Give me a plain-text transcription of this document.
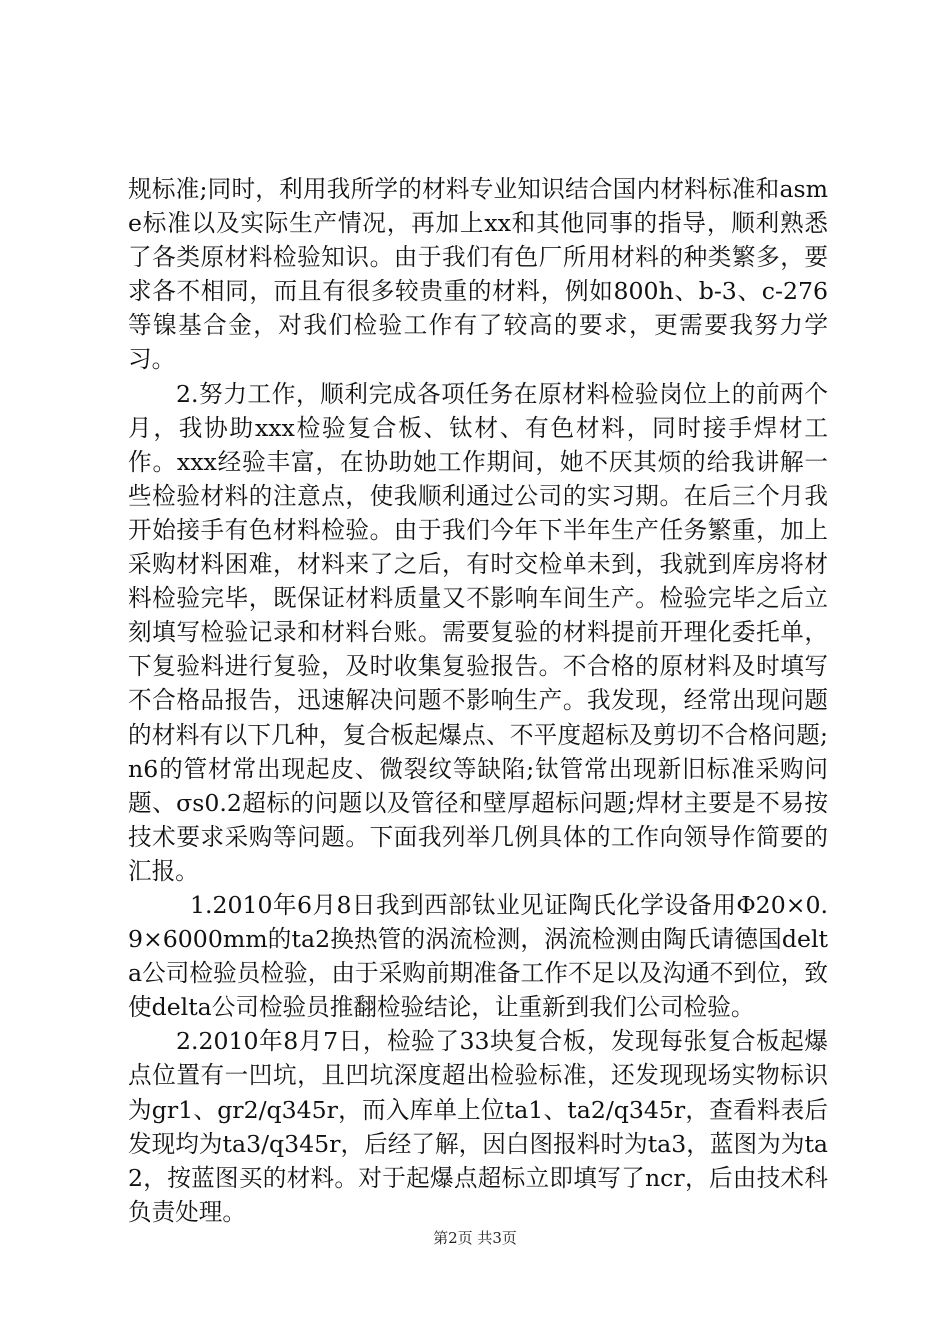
规标准;同时，利用我所学的材料专业知识结合国内材料标准和asme标准以及实际生产情况，再加上xx和其他同事的指导，顺利熟悉了各类原材料检验知识。由于我们有色厂所用材料的种类繁多，要求各不相同，而且有很多较贵重的材料，例如800h、b-3、c-276等镍基合金，对我们检验工作有了较高的要求，更需要我努力学习。

2.努力工作，顺利完成各项任务在原材料检验岗位上的前两个月，我协助xxx检验复合板、钛材、有色材料，同时接手焊材工作。xxx经验丰富，在协助她工作期间，她不厌其烦的给我讲解一些检验材料的注意点，使我顺利通过公司的实习期。在后三个月我开始接手有色材料检验。由于我们今年下半年生产任务繁重，加上采购材料困难，材料来了之后，有时交检单未到，我就到库房将材料检验完毕，既保证材料质量又不影响车间生产。检验完毕之后立刻填写检验记录和材料台账。需要复验的材料提前开理化委托单，下复验料进行复验，及时收集复验报告。不合格的原材料及时填写不合格品报告，迅速解决问题不影响生产。我发现，经常出现问题的材料有以下几种，复合板起爆点、不平度超标及剪切不合格问题;n6的管材常出现起皮、微裂纹等缺陷;钛管常出现新旧标准采购问题、σs0.2超标的问题以及管径和壁厚超标问题;焊材主要是不易按技术要求采购等问题。下面我列举几例具体的工作向领导作简要的汇报。

1.2010年6月8日我到西部钛业见证陶氏化学设备用Φ20×0.9×6000mm的ta2换热管的涡流检测，涡流检测由陶氏请德国delta公司检验员检验，由于采购前期准备工作不足以及沟通不到位，致使delta公司检验员推翻检验结论，让重新到我们公司检验。

2.2010年8月7日，检验了33块复合板，发现每张复合板起爆点位置有一凹坑，且凹坑深度超出检验标准，还发现现场实物标识为gr1、gr2/q345r，而入库单上位ta1、ta2/q345r，查看料表后发现均为ta3/q345r，后经了解，因白图报料时为ta3，蓝图为为ta2，按蓝图买的材料。对于起爆点超标立即填写了ncr，后由技术科负责处理。

第2页 共3页
